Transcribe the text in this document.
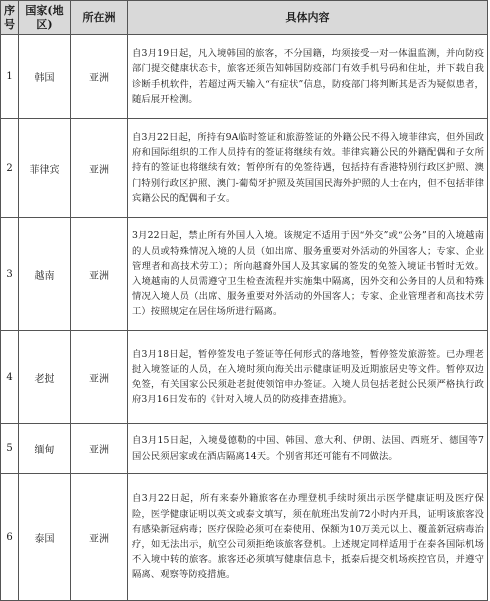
序号	国家(地区)	所在洲	具体内容
1	韩国	亚洲	自3月19日起，凡入境韩国的旅客，不分国籍，均须接受一对一体温监测，并向防疫部门提交健康状态卡，旅客还须告知韩国防疫部门有效手机号码和住址，并下载自我诊断手机软件，若超过两天输入“有症状”信息，防疫部门将判断其是否为疑似患者，随后展开检测。
2	菲律宾	亚洲	自3月22日起，所持有9A临时签证和旅游签证的外籍公民不得入境菲律宾，但外国政府和国际组织的工作人员持有的签证将继续有效。菲律宾籍公民的外籍配偶和子女所持有的签证也将继续有效；暂停所有的免签待遇，包括持有香港特别行政区护照、澳门特别行政区护照、澳门-葡萄牙护照及英国国民海外护照的人士在内，但不包括菲律宾籍公民的配偶和子女。
3	越南	亚洲	3月22日起，禁止所有外国人入境。该规定不适用于因“外交”或“公务”目的入境越南的人员或特殊情况入境的人员（如出席、服务重要对外活动的外国客人；专家、企业管理者和高技术劳工）；所向越裔外国人及其家属的签发的免签入境证书暂时无效。入境越南的人员需遵守卫生检查流程并实施集中隔离，因外交和公务目的人员和特殊情况入境人员（出席、服务重要对外活动的外国客人；专家、企业管理者和高技术劳工）按照规定在居住场所进行隔离。
4	老挝	亚洲	自3月18日起，暂停签发电子签证等任何形式的落地签，暂停签发旅游签。已办理老挝入境签证的人员，在入境时须向海关出示健康证明及近期旅居史等文件。暂停双边免签，有关国家公民须赴老挝使领馆申办签证。入境人员包括老挝公民须严格执行政府3月16日发布的《针对入境人员的防疫排查措施》。
5	缅甸	亚洲	自3月15日起，入境曼德勒的中国、韩国、意大利、伊朗、法国、西班牙、德国等7国公民须居家或在酒店隔离14天。个别省邦还可能有不同做法。
6	泰国	亚洲	自3月22日起，所有来泰外籍旅客在办理登机手续时须出示医学健康证明及医疗保险，医学健康证明以英文或泰文填写，须在航班出发前72小时内开具，证明该旅客没有感染新冠病毒；医疗保险必须可在泰使用、保额为10万美元以上、覆盖新冠病毒治疗，如无法出示，航空公司须拒绝该旅客登机。上述规定同样适用于在泰各国际机场不入境中转的旅客。旅客还必须填写健康信息卡，抵泰后提交机场疾控官员，并遵守隔离、观察等防疫措施。
